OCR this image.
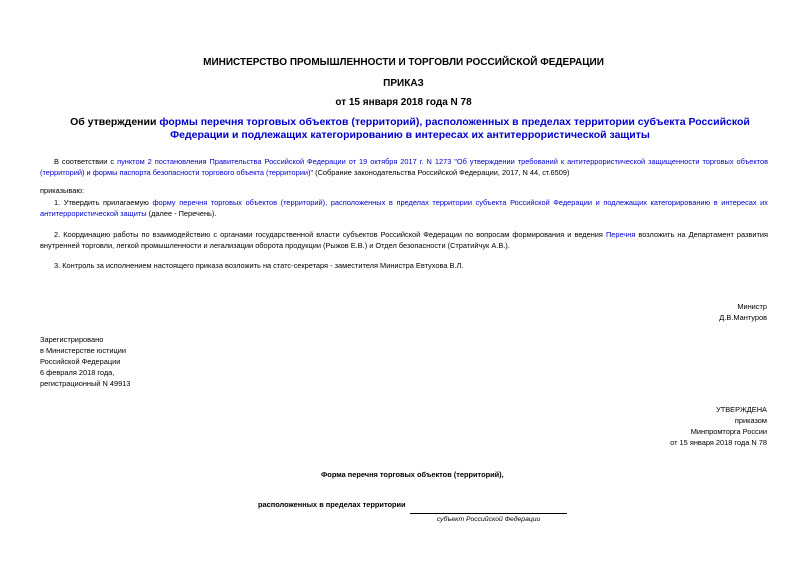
МИНИСТЕРСТВО ПРОМЫШЛЕННОСТИ И ТОРГОВЛИ РОССИЙСКОЙ ФЕДЕРАЦИИ
ПРИКАЗ
от 15 января 2018 года N 78
Об утверждении формы перечня торговых объектов (территорий), расположенных в пределах территории субъекта Российской Федерации и подлежащих категорированию в интересах их антитеррористической защиты
В соответствии с пунктом 2 постановления Правительства Российской Федерации от 19 октября 2017 г. N 1273 "Об утверждении требований к антитеррористической защищенности торговых объектов (территорий) и формы паспорта безопасности торгового объекта (территории)" (Собрание законодательства Российской Федерации, 2017, N 44, ст.6509)
приказываю:
1. Утвердить прилагаемую форму перечня торговых объектов (территорий), расположенных в пределах территории субъекта Российской Федерации и подлежащих категорированию в интересах их антитеррористической защиты (далее - Перечень).
2. Координацию работы по взаимодействию с органами государственной власти субъектов Российской Федерации по вопросам формирования и ведения Перечня возложить на Департамент развития внутренней торговли, легкой промышленности и легализации оборота продукции (Рыжов Е.В.) и Отдел безопасности (Стратийчук А.В.).
3. Контроль за исполнением настоящего приказа возложить на статс-секретаря - заместителя Министра Евтухова В.Л.
Министр
Д.В.Мантуров
Зарегистрировано
в Министерстве юстиции
Российской Федерации
6 февраля 2018 года,
регистрационный N 49913
УТВЕРЖДЕНА
приказом
Минпромторга России
от 15 января 2018 года N 78
Форма перечня торговых объектов (территорий),
расположенных в пределах территории
субъект Российской Федерации
